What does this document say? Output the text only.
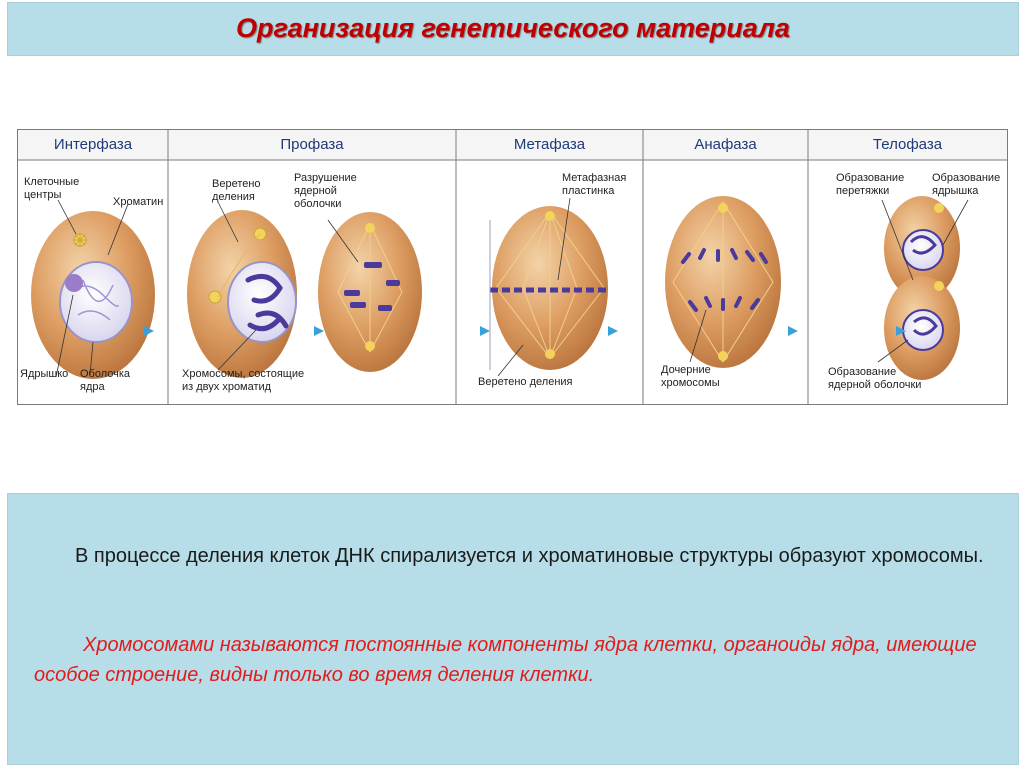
Организация генетического материала
Интерфаза	Профаза	Метафаза	Анафаза	Телофаза
Клеточные
центры
Хроматин
Ядрышко Оболочка
ядра
Веретено
деления
Разрушение
ядерной
оболочки
Хромосомы, состоящие
из двух хроматид
Метафазная
пластинка
Веретено деления
Дочерние
хромосомы
Образование
перетяжки
Образование
ядрышка
Образование
ядерной оболочки
В процессе деления клеток ДНК спирализуется и хроматиновые структуры образуют хромосомы.
Хромосомами называются постоянные компоненты ядра клетки, органоиды ядра, имеющие особое строение, видны только во время деления клетки.
